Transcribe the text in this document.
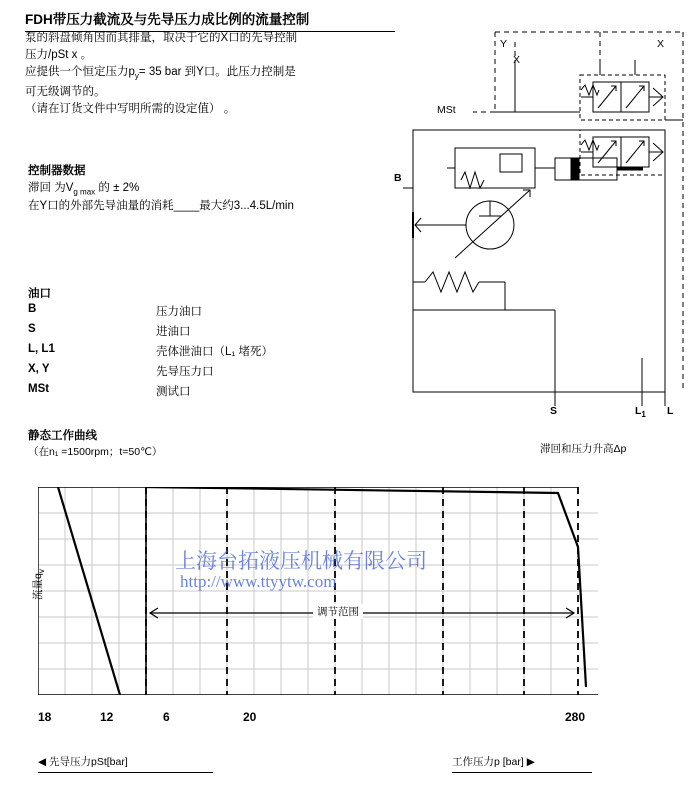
FDH带压力截流及与先导压力成比例的流量控制
泵的斜盘倾角因而其排量，取决于它的X口的先导控制
压力/pSt x 。
应提供一个恒定压力$p_y= 35$ bar 到Y口。此压力控制是
可无级调节的。
（请在订货文件中写明所需的设定值） 。
控制器数据
滞回 为$V_{g max}$ 的 ± 2%
在Y口的外部先导油量的消耗____最大约3...4.5L/min
油口
B	压力油口
S	进油口
L, L1	壳体泄油口（L₁ 堵死）
X, Y	先导压力口
MSt	测试口
Y	X
X
MSt
B
S	$L_1$ L
静态工作曲线
（在n₁ =1500rpm；t=50℃）	滞回和压力升高Δp
调节范围
流量$q_v$
18	12	6	20	280
◀ 先导压力pSt[bar]	工作压力p [bar] ▶
上海台拓液压机械有限公司
http://www.ttyytw.com
